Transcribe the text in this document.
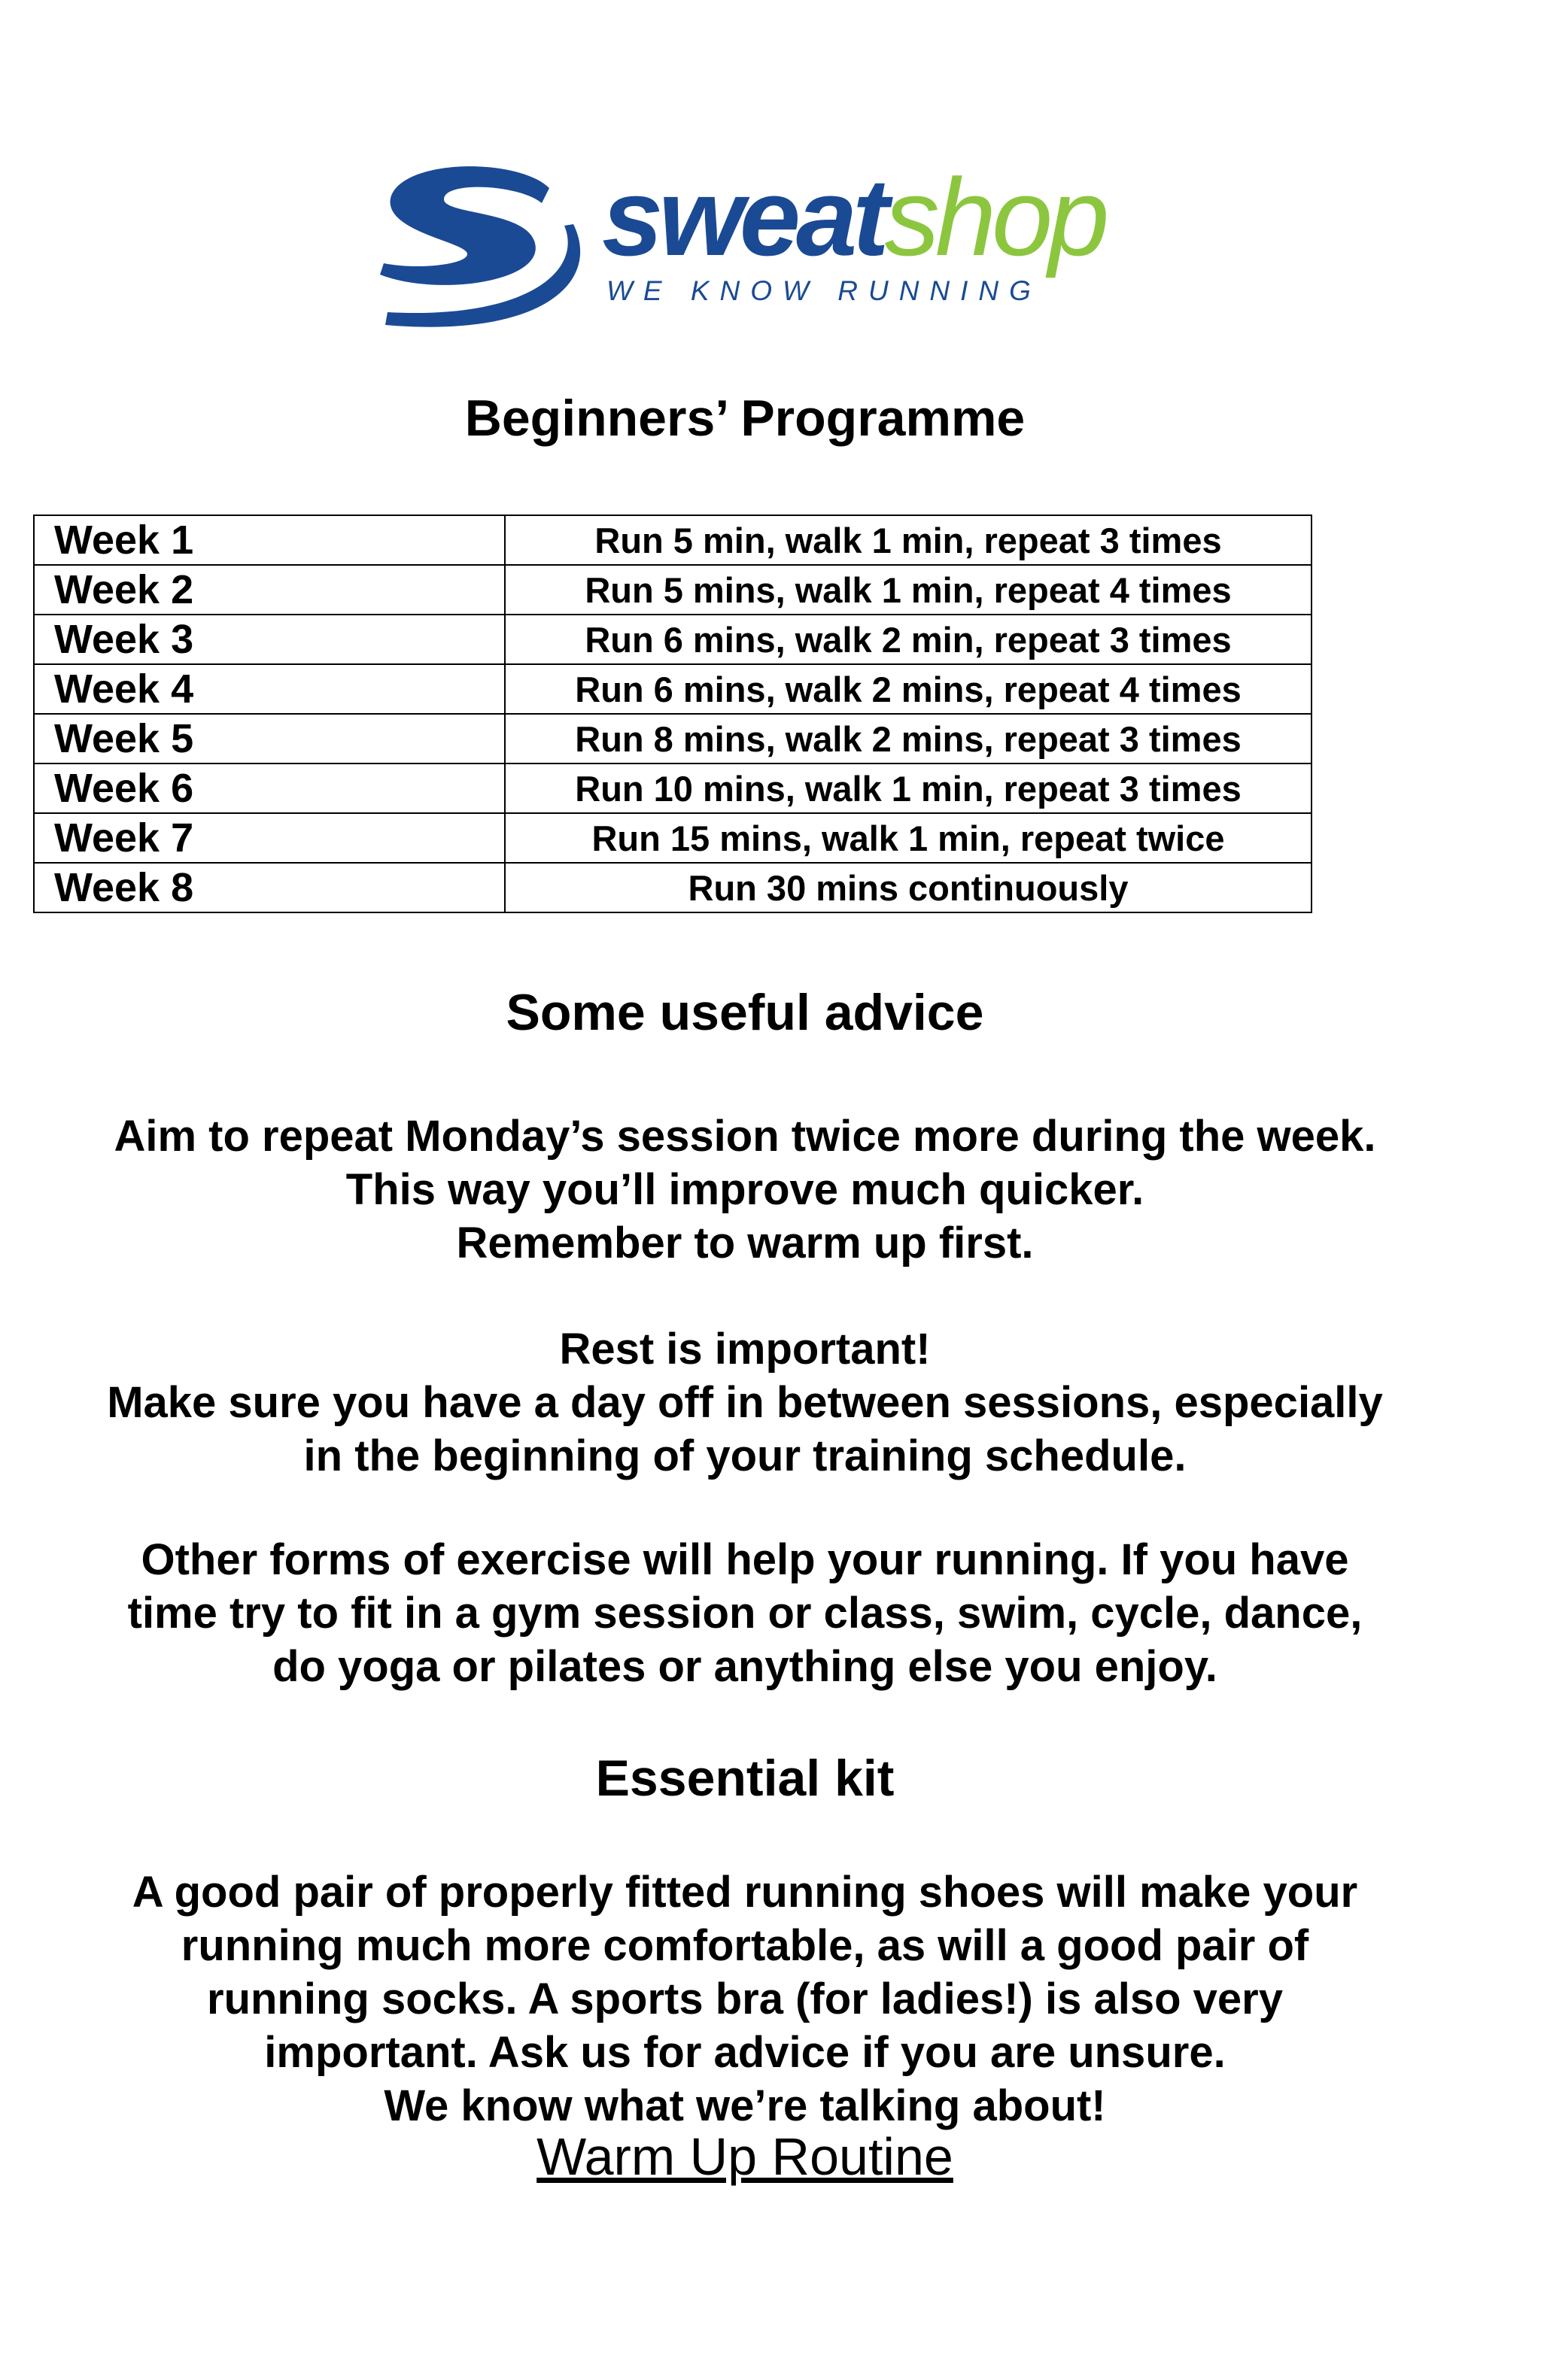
sweatshop
WE KNOW RUNNING
Beginners’ Programme
Week 1	Run 5 min, walk 1 min, repeat 3 times
Week 2	Run 5 mins, walk 1 min, repeat 4 times
Week 3	Run 6 mins, walk 2 min, repeat 3 times
Week 4	Run 6 mins, walk 2 mins, repeat 4 times
Week 5	Run 8 mins, walk 2 mins, repeat 3 times
Week 6	Run 10 mins, walk 1 min, repeat 3 times
Week 7	Run 15 mins, walk 1 min, repeat twice
Week 8	Run 30 mins continuously
Some useful advice
Aim to repeat Monday’s session twice more during the week.
This way you’ll improve much quicker.
Remember to warm up first.
Rest is important!
Make sure you have a day off in between sessions, especially
in the beginning of your training schedule.
Other forms of exercise will help your running. If you have
time try to fit in a gym session or class, swim, cycle, dance,
do yoga or pilates or anything else you enjoy.
Essential kit
A good pair of properly fitted running shoes will make your
running much more comfortable, as will a good pair of
running socks. A sports bra (for ladies!) is also very
important. Ask us for advice if you are unsure.
We know what we’re talking about!
Warm Up Routine
